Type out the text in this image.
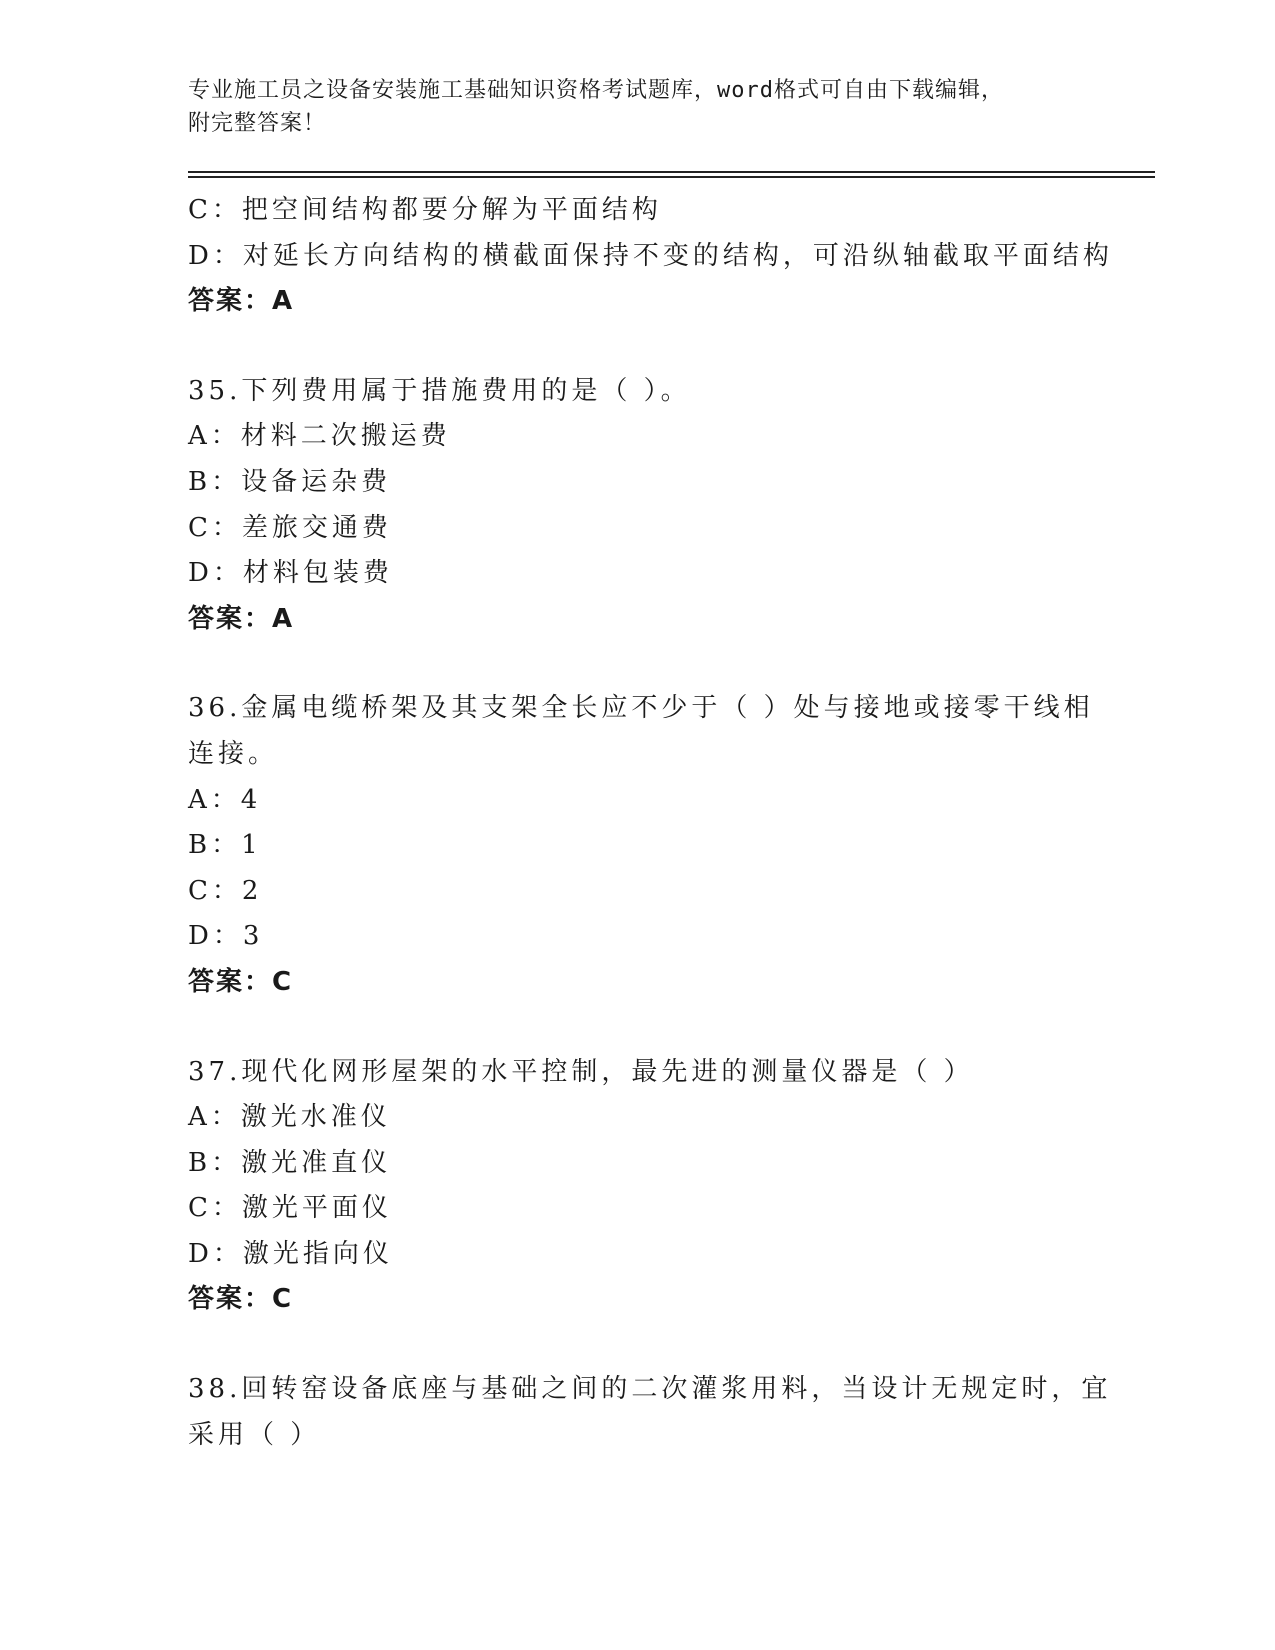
专业施工员之设备安装施工基础知识资格考试题库，word格式可自由下载编辑，
附完整答案！
C：把空间结构都要分解为平面结构
D：对延长方向结构的横截面保持不变的结构，可沿纵轴截取平面结构
答案：A
35.下列费用属于措施费用的是（ ）。
A：材料二次搬运费
B：设备运杂费
C：差旅交通费
D：材料包装费
答案：A
36.金属电缆桥架及其支架全长应不少于（ ）处与接地或接零干线相
连接。
A：4
B：1
C：2
D：3
答案：C
37.现代化网形屋架的水平控制，最先进的测量仪器是（ ）
A：激光水准仪
B：激光准直仪
C：激光平面仪
D：激光指向仪
答案：C
38.回转窑设备底座与基础之间的二次灌浆用料，当设计无规定时，宜
采用（ ）
